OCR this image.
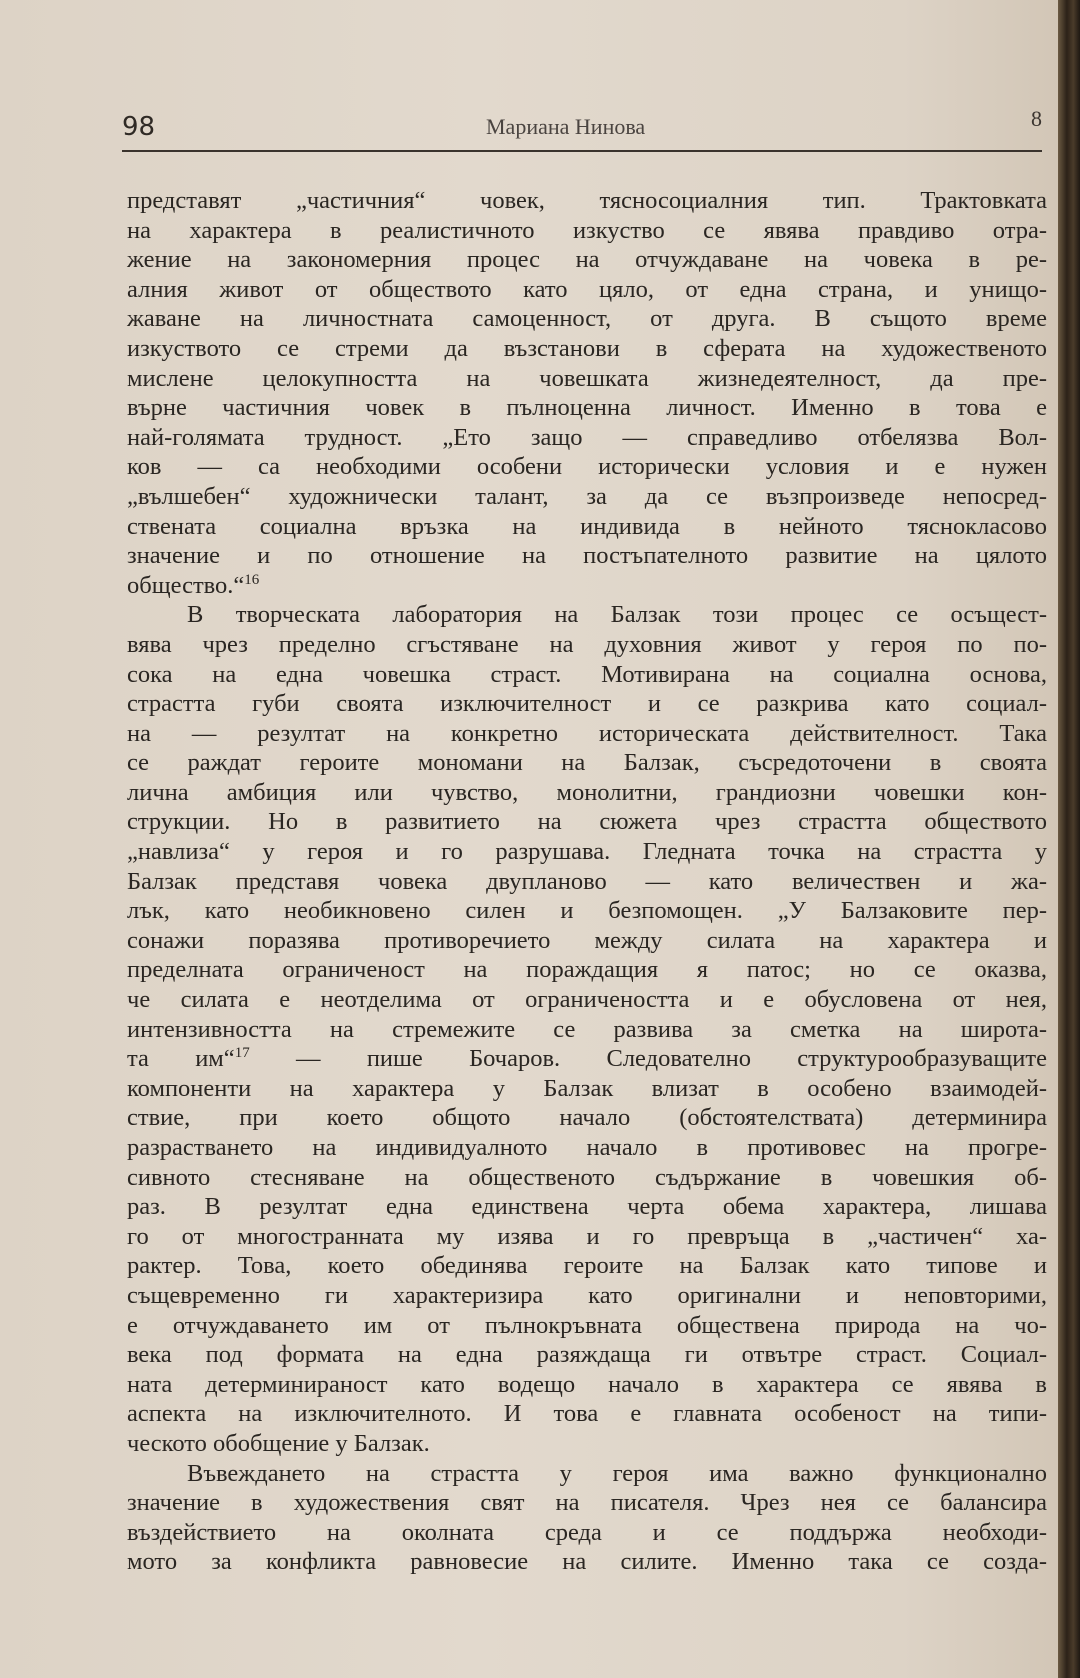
98	Мариана Нинова	8
представят „частичния“ човек, тясносоциалния тип. Трактовката
на характера в реалистичното изкуство се явява правдиво отра-
жение на закономерния процес на отчуждаване на човека в ре-
алния живот от обществото като цяло, от една страна, и унищо-
жаване на личностната самоценност, от друга. В същото време
изкуството се стреми да възстанови в сферата на художественото
мислене целокупността на човешката жизнедеятелност, да пре-
върне частичния човек в пълноценна личност. Именно в това е
най-голямата трудност. „Ето защо — справедливо отбелязва Вол-
ков — са необходими особени исторически условия и е нужен
„вълшебен“ художнически талант, за да се възпроизведе непосред-
ствената социална връзка на индивида в нейното тяснокласово
значение и по отношение на постъпателното развитие на цялото
общество.“$^{16}$
В творческата лаборатория на Балзак този процес се осъщест-
вява чрез пределно сгъстяване на духовния живот у героя по по-
сока на една човешка страст. Мотивирана на социална основа,
страстта губи своята изключителност и се разкрива като социал-
на — резултат на конкретно историческата действителност. Така
се раждат героите мономани на Балзак, съсредоточени в своята
лична амбиция или чувство, монолитни, грандиозни човешки кон-
струкции. Но в развитието на сюжета чрез страстта обществото
„навлиза“ у героя и го разрушава. Гледната точка на страстта у
Балзак представя човека двупланово — като величествен и жа-
лък, като необикновено силен и безпомощен. „У Балзаковите пер-
сонажи поразява противоречието между силата на характера и
пределната ограниченост на пораждащия я патос; но се оказва,
че силата е неотделима от ограничеността и е обусловена от нея,
интензивността на стремежите се развива за сметка на широта-
та им“$^{17}$ — пише Бочаров. Следователно структурообразуващите
компоненти на характера у Балзак влизат в особено взаимодей-
ствие, при което общото начало (обстоятелствата) детерминира
разрастването на индивидуалното начало в противовес на прогре-
сивното стесняване на общественото съдържание в човешкия об-
раз. В резултат една единствена черта обема характера, лишава
го от многостранната му изява и го превръща в „частичен“ ха-
рактер. Това, което обединява героите на Балзак като типове и
същевременно ги характеризира като оригинални и неповторими,
е отчуждаването им от пълнокръвната обществена природа на чо-
века под формата на една разяждаща ги отвътре страст. Социал-
ната детерминираност като водещо начало в характера се явява в
аспекта на изключителното. И това е главната особеност на типи-
ческото обобщение у Балзак.
Въвеждането на страстта у героя има важно функционално
значение в художествения свят на писателя. Чрез нея се балансира
въздействието на околната среда и се поддържа необходи-
мото за конфликта равновесие на силите. Именно така се созда-
